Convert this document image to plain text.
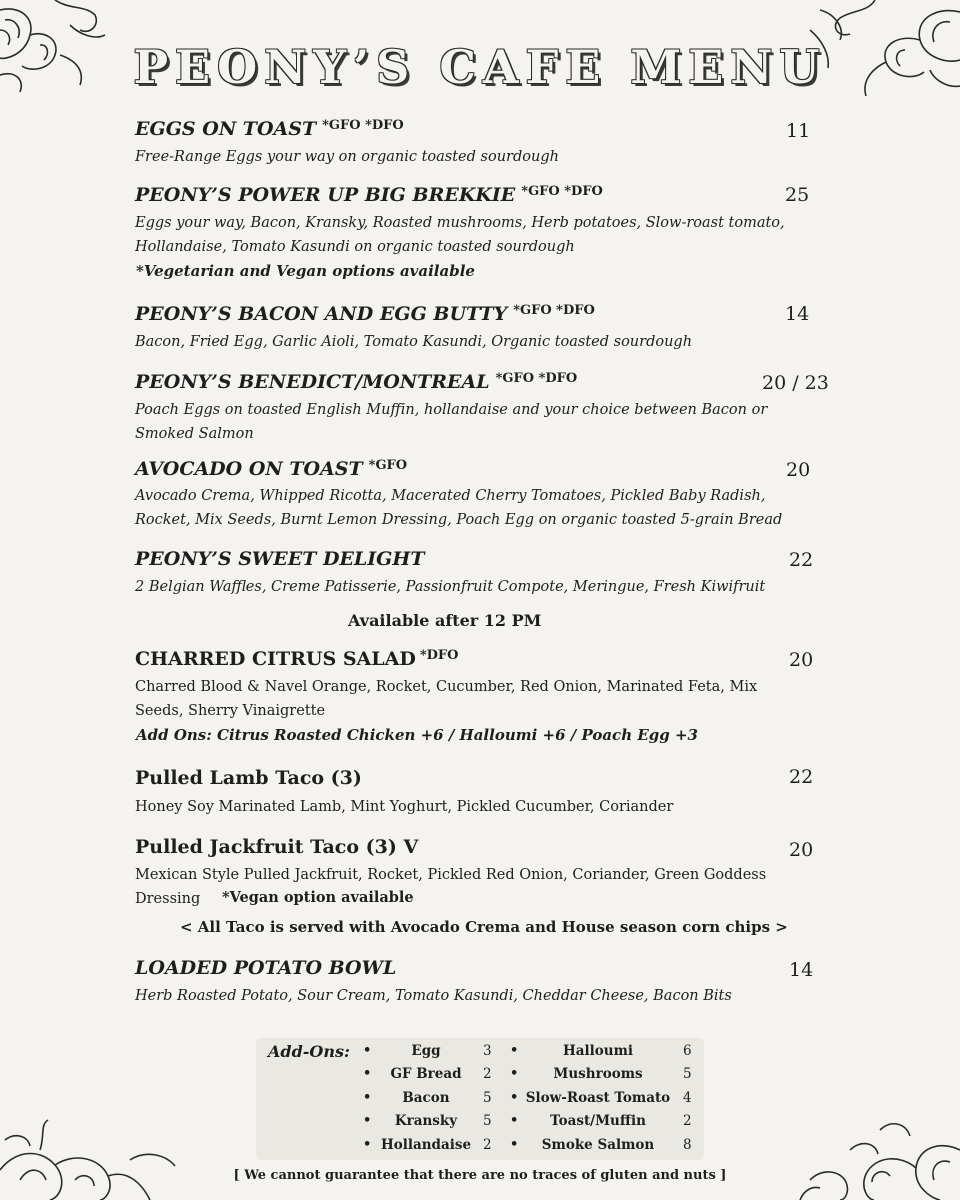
PEONY’S CAFE MENU
EGGS ON TOAST $^{*GFO *DFO}$	11
Free-Range Eggs your way on organic toasted sourdough
PEONY’S POWER UP BIG BREKKIE $^{*GFO *DFO}$	25
Eggs your way, Bacon, Kransky, Roasted mushrooms, Herb potatoes, Slow-roast tomato, Hollandaise, Tomato Kasundi on organic toasted sourdough
*Vegetarian and Vegan options available
PEONY’S BACON AND EGG BUTTY $^{*GFO *DFO}$	14
Bacon, Fried Egg, Garlic Aioli, Tomato Kasundi, Organic toasted sourdough
PEONY’S BENEDICT/MONTREAL $^{*GFO *DFO}$	20 / 23
Poach Eggs on toasted English Muffin, hollandaise and your choice between Bacon or Smoked Salmon
AVOCADO ON TOAST $^{*GFO}$	20
Avocado Crema, Whipped Ricotta, Macerated Cherry Tomatoes, Pickled Baby Radish, Rocket, Mix Seeds, Burnt Lemon Dressing, Poach Egg on organic toasted 5-grain Bread
PEONY’S SWEET DELIGHT	22
2 Belgian Waffles, Creme Patisserie, Passionfruit Compote, Meringue, Fresh Kiwifruit
Available after 12 PM
CHARRED CITRUS SALAD $^{*DFO}$	20
Charred Blood & Navel Orange, Rocket, Cucumber, Red Onion, Marinated Feta, Mix Seeds, Sherry Vinaigrette
Add Ons: Citrus Roasted Chicken +6 / Halloumi +6 / Poach Egg +3
Pulled Lamb Taco (3)	22
Honey Soy Marinated Lamb, Mint Yoghurt, Pickled Cucumber, Coriander
Pulled Jackfruit Taco (3) V	20
Mexican Style Pulled Jackfruit, Rocket, Pickled Red Onion, Coriander, Green Goddess
Dressing	*Vegan option available
< All Taco is served with Avocado Crema and House season corn chips >
LOADED POTATO BOWL	14
Herb Roasted Potato, Sour Cream, Tomato Kasundi, Cheddar Cheese, Bacon Bits
Add-Ons: •	Egg	3 •	Halloumi	6
•	GF Bread	2 •	Mushrooms	5
•	Bacon	5 • Slow-Roast Tomato 4
•	Kransky	5 •	Toast/Muffin	2
• Hollandaise 2 •	Smoke Salmon	8
[ We cannot guarantee that there are no traces of gluten and nuts ]
